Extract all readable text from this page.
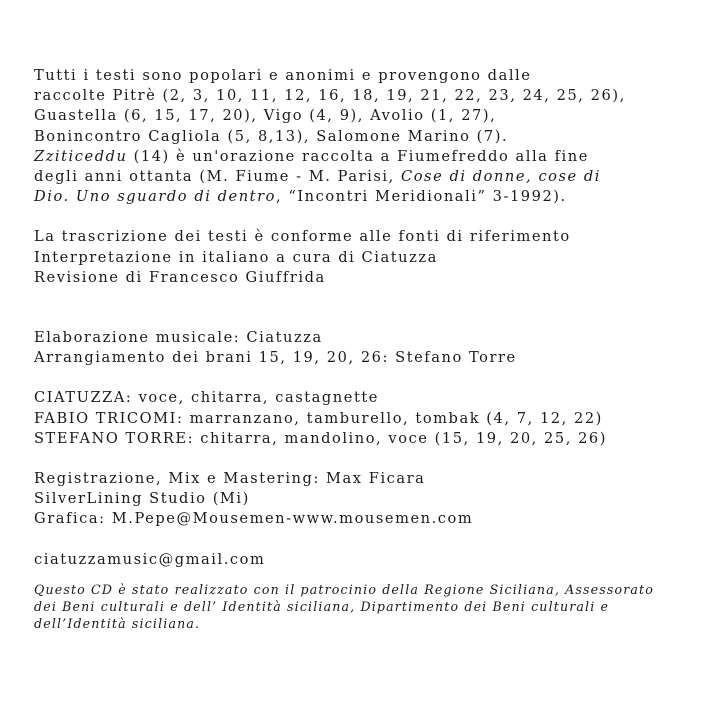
Tutti i testi sono popolari e anonimi e provengono dalle
raccolte Pitrè (2, 3, 10, 11, 12, 16, 18, 19, 21, 22, 23, 24, 25, 26),
Guastella (6, 15, 17, 20), Vigo (4, 9), Avolio (1, 27),
Bonincontro Cagliola (5, 8,13), Salomone Marino (7).
Zziticeddu (14) è un'orazione raccolta a Fiumefreddo alla fine
degli anni ottanta (M. Fiume - M. Parisi, Cose di donne, cose di
Dio. Uno sguardo di dentro, “Incontri Meridionali” 3-1992).
La trascrizione dei testi è conforme alle fonti di riferimento
Interpretazione in italiano a cura di Ciatuzza
Revisione di Francesco Giuffrida
Elaborazione musicale: Ciatuzza
Arrangiamento dei brani 15, 19, 20, 26: Stefano Torre
CIATUZZA: voce, chitarra, castagnette
FABIO TRICOMI: marranzano, tamburello, tombak (4, 7, 12, 22)
STEFANO TORRE: chitarra, mandolino, voce (15, 19, 20, 25, 26)
Registrazione, Mix e Mastering: Max Ficara
SilverLining Studio (Mi)
Grafica: M.Pepe@Mousemen-www.mousemen.com
ciatuzzamusic@gmail.com
Questo CD è stato realizzato con il patrocinio della Regione Siciliana, Assessorato
dei Beni culturali e dell’ Identità siciliana, Dipartimento dei Beni culturali e
dell’Identità siciliana.
